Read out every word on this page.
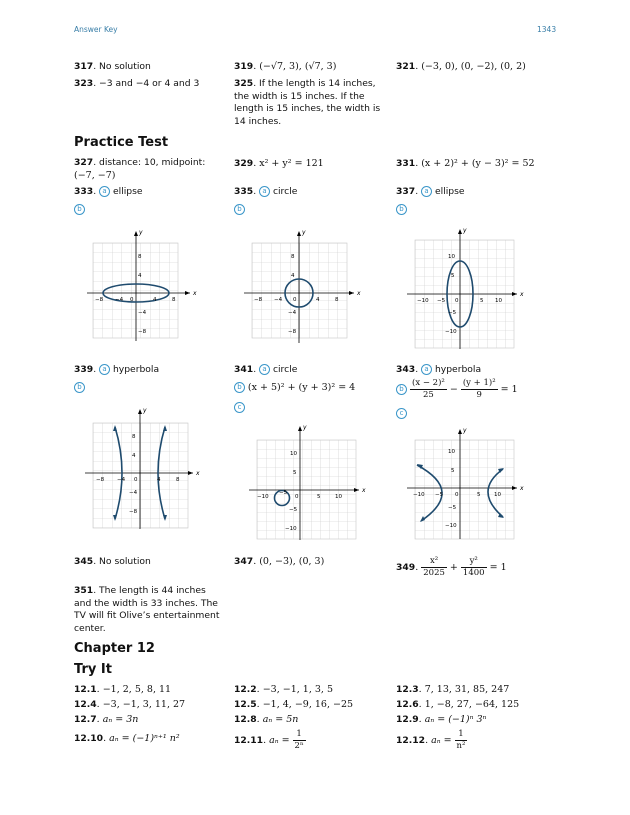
Answer Key	1343
317. No solution	319. (−√7, 3), (√7, 3)	321. (−3, 0), (0, −2), (0, 2)
323. −3 and −4 or 4 and 3	325. If the length is 14 inches, the width is 15 inches. If the length is 15 inches, the width is 14 inches.
Practice Test
327. distance: 10, midpoint:
(−7, −7)
329. x² + y² = 121	331. (x + 2)² + (y − 3)² = 52
333. a ellipse	335. a circle	337. a ellipse
b	b	b
x
y
−8 −4	4	8
8
4
−4
−8
0
x
y
−8 −4	4	8
8
4
−4
−8
0
x
y
−10 −5	5 10
10
5
−5
−10
0
339. a hyperbola
b
341. a circle
b (x + 5)² + (y + 3)² = 4
c
343. a hyperbola
b $\frac{\text{(x − 2)²}}{25} - \frac{\text{(y + 1)²}}{9} = 1$
c
x
y
−8 −4	4	8
8
4
−4
−8
0
x
y
−10
−5
5	10
10
5
−5
−10
0
x
y
−10 −5	5 10
10
5
−5
−10
0
345. No solution	347. (0, −3), (0, 3)
349. $\frac{\text{x²}}{2025} + \frac{\text{y²}}{1400} = 1$
351. The length is 44 inches and the width is 33 inches. The TV will fit Olive’s entertainment center.
Chapter 12
Try It
12.1. −1, 2, 5, 8, 11	12.2. −3, −1, 1, 3, 5	12.3. 7, 13, 31, 85, 247
12.4. −3, −1, 3, 11, 27	12.5. −1, 4, −9, 16, −25	12.6. 1, −8, 27, −64, 125
12.7. aₙ = 3n	12.8. aₙ = 5n	12.9. aₙ = (−1)ⁿ 3ⁿ
12.10. aₙ = (−1)ⁿ⁺¹ n²	12.11. $a_n = \frac{1}{\text{2ⁿ}}$	12.12. $a_n = \frac{1}{\text{n²}}$
